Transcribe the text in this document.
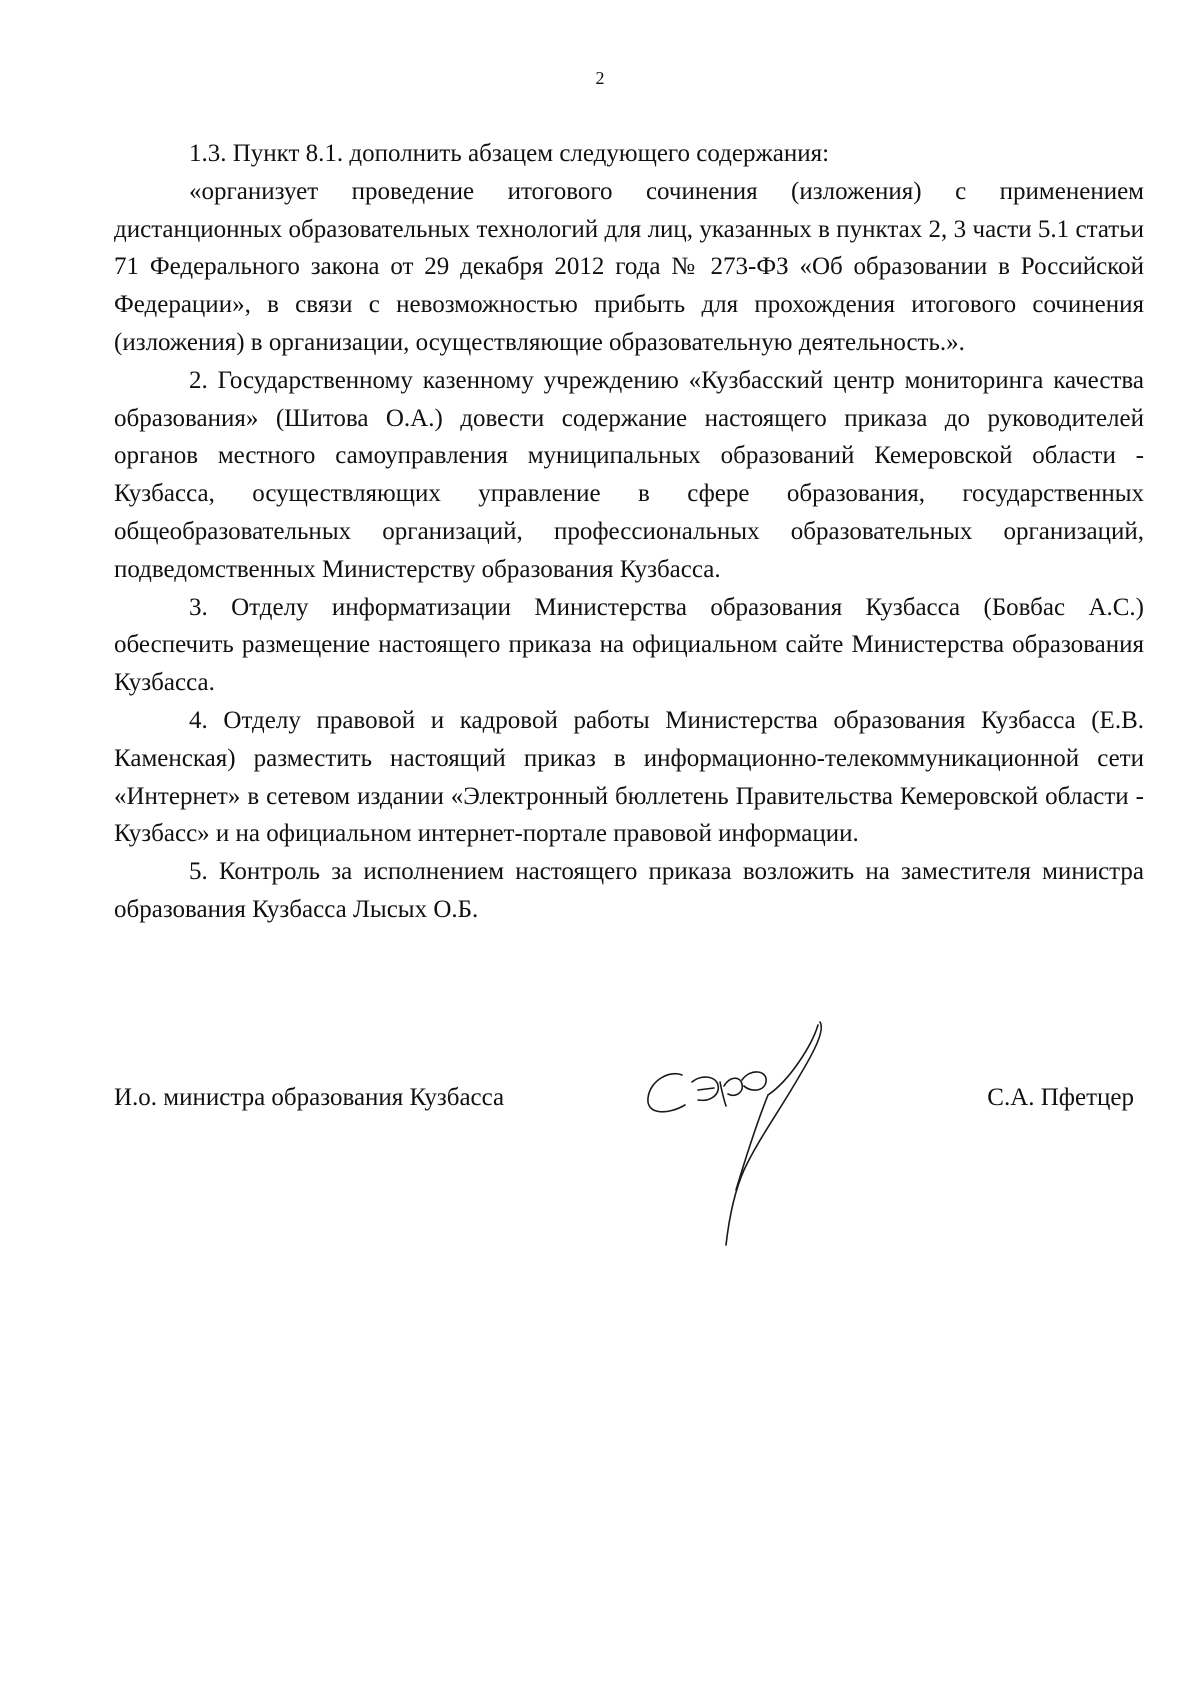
2

1.3. Пункт 8.1. дополнить абзацем следующего содержания:

«организует проведение итогового сочинения (изложения) с применением дистанционных образовательных технологий для лиц, указанных в пунктах 2, 3 части 5.1 статьи 71 Федерального закона от 29 декабря 2012 года № 273-ФЗ «Об образовании в Российской Федерации», в связи с невозможностью прибыть для прохождения итогового сочинения (изложения) в организации, осуществляющие образовательную деятельность.».

2. Государственному казенному учреждению «Кузбасский центр мониторинга качества образования» (Шитова О.А.) довести содержание настоящего приказа до руководителей органов местного самоуправления муниципальных образований Кемеровской области - Кузбасса, осуществляющих управление в сфере образования, государственных общеобразовательных организаций, профессиональных образовательных организаций, подведомственных Министерству образования Кузбасса.

3. Отделу информатизации Министерства образования Кузбасса (Бовбас А.С.) обеспечить размещение настоящего приказа на официальном сайте Министерства образования Кузбасса.

4. Отделу правовой и кадровой работы Министерства образования Кузбасса (Е.В. Каменская) разместить настоящий приказ в информационно-телекоммуникационной сети «Интернет» в сетевом издании «Электронный бюллетень Правительства Кемеровской области - Кузбасс» и на официальном интернет-портале правовой информации.

5. Контроль за исполнением настоящего приказа возложить на заместителя министра образования Кузбасса Лысых О.Б.

И.о. министра образования Кузбасса	С.А. Пфетцер
